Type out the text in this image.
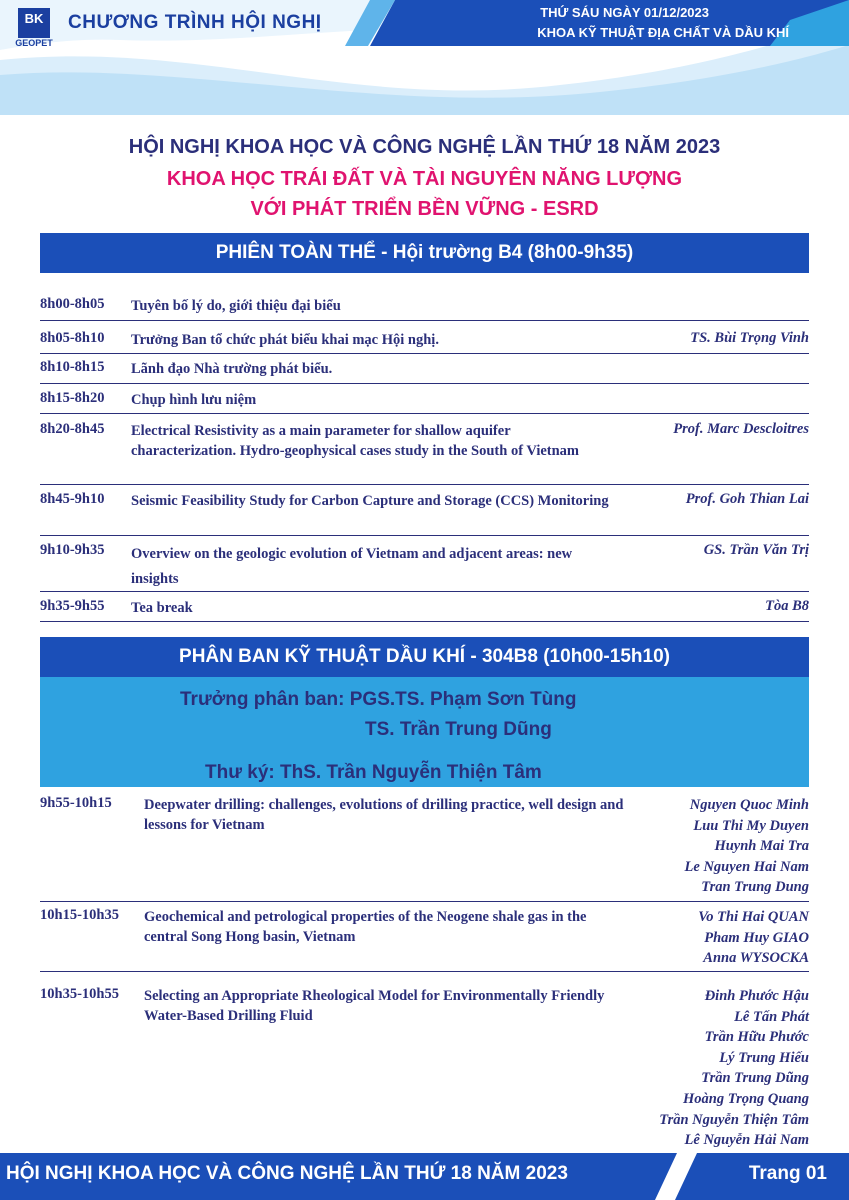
BK
GEOPET
CHƯƠNG TRÌNH HỘI NGHỊ	THỨ SÁU NGÀY 01/12/2023
KHOA KỸ THUẬT ĐỊA CHẤT VÀ DẦU KHÍ
HỘI NGHỊ KHOA HỌC VÀ CÔNG NGHỆ LẦN THỨ 18 NĂM 2023
KHOA HỌC TRÁI ĐẤT VÀ TÀI NGUYÊN NĂNG LƯỢNG
VỚI PHÁT TRIỂN BỀN VỮNG - ESRD
PHIÊN TOÀN THỂ - Hội trường B4 (8h00-9h35)
8h00-8h05 Tuyên bố lý do, giới thiệu đại biểu
8h05-8h10 Trưởng Ban tổ chức phát biểu khai mạc Hội nghị.	TS. Bùi Trọng Vinh
8h10-8h15 Lãnh đạo Nhà trường phát biểu.
8h15-8h20 Chụp hình lưu niệm
8h20-8h45 Electrical Resistivity as a main parameter for shallow aquifer characterization. Hydro-geophysical cases study in the South of Vietnam
Prof. Marc Descloitres
8h45-9h10 Seismic Feasibility Study for Carbon Capture and Storage (CCS) Monitoring	Prof. Goh Thian Lai
9h10-9h35 Overview on the geologic evolution of Vietnam and adjacent areas: new insights
GS. Trần Văn Trị
9h35-9h55 Tea break	Tòa B8
PHÂN BAN KỸ THUẬT DẦU KHÍ - 304B8 (10h00-15h10)
Trưởng phân ban: PGS.TS. Phạm Sơn Tùng
TS. Trần Trung Dũng
Thư ký: ThS. Trần Nguyễn Thiện Tâm
9h55-10h15 Deepwater drilling: challenges, evolutions of drilling practice, well design and lessons for Vietnam
Nguyen Quoc Minh
Luu Thi My Duyen
Huynh Mai Tra
Le Nguyen Hai Nam
Tran Trung Dung
10h15-10h35 Geochemical and petrological properties of the Neogene shale gas in the central Song Hong basin, Vietnam
Vo Thi Hai QUAN
Pham Huy GIAO
Anna WYSOCKA
10h35-10h55 Selecting an Appropriate Rheological Model for Environmentally Friendly Water-Based Drilling Fluid
Đinh Phước Hậu
Lê Tấn Phát
Trần Hữu Phước
Lý Trung Hiếu
Trần Trung Dũng
Hoàng Trọng Quang
Trần Nguyễn Thiện Tâm
Lê Nguyễn Hải Nam
HỘI NGHỊ KHOA HỌC VÀ CÔNG NGHỆ LẦN THỨ 18 NĂM 2023	Trang 01
